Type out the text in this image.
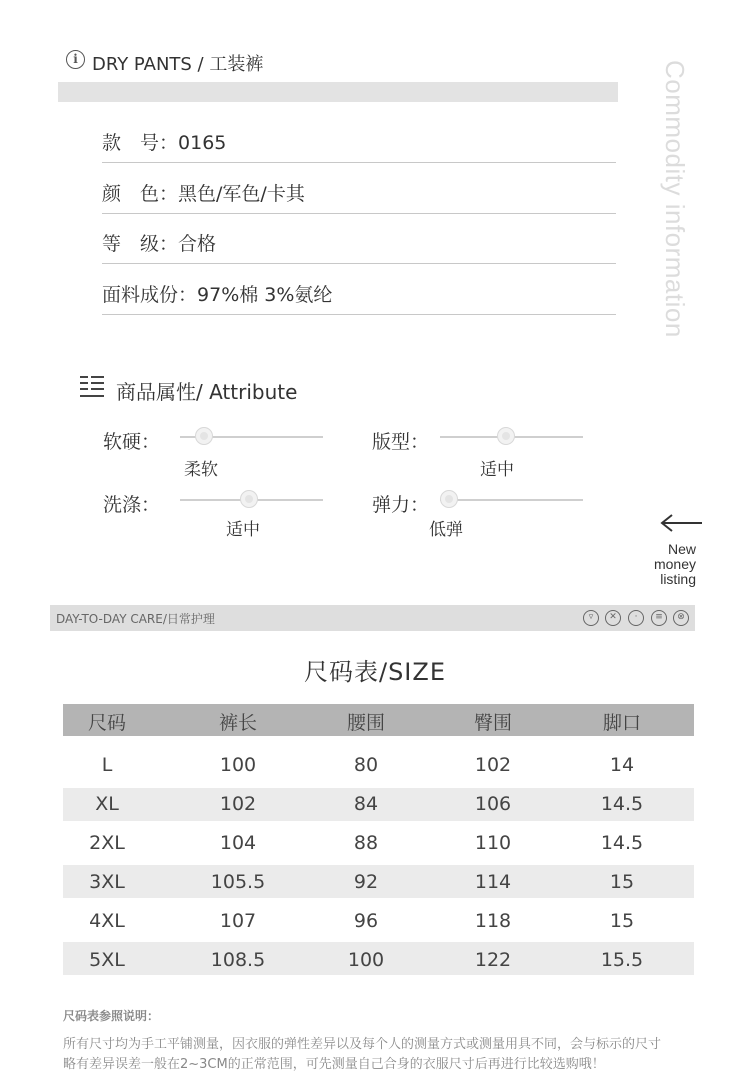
i DRY PANTS / 工装裤	Commodity information
款　号：0165
颜　色：黑色/军色/卡其
等　级：合格
面料成份：97%棉 3%氨纶
商品属性/ Attribute
软硬：
柔软
版型：
适中
洗涤：
适中
弹力：
低弹
New
money
listing
DAY-TO-DAY CARE/日常护理	▿	✕	·	≡	⊗
尺码表/SIZE
尺码	裤长	腰围	臀围	脚口
L	100	80	102	14
XL	102	84	106	14.5
2XL	104	88	110	14.5
3XL	105.5	92	114	15
4XL	107	96	118	15
5XL	108.5	100	122	15.5
尺码表参照说明：
所有尺寸均为手工平铺测量，因衣服的弹性差异以及每个人的测量方式或测量用具不同，会与标示的尺寸
略有差异误差一般在2~3CM的正常范围，可先测量自己合身的衣服尺寸后再进行比较选购哦！
